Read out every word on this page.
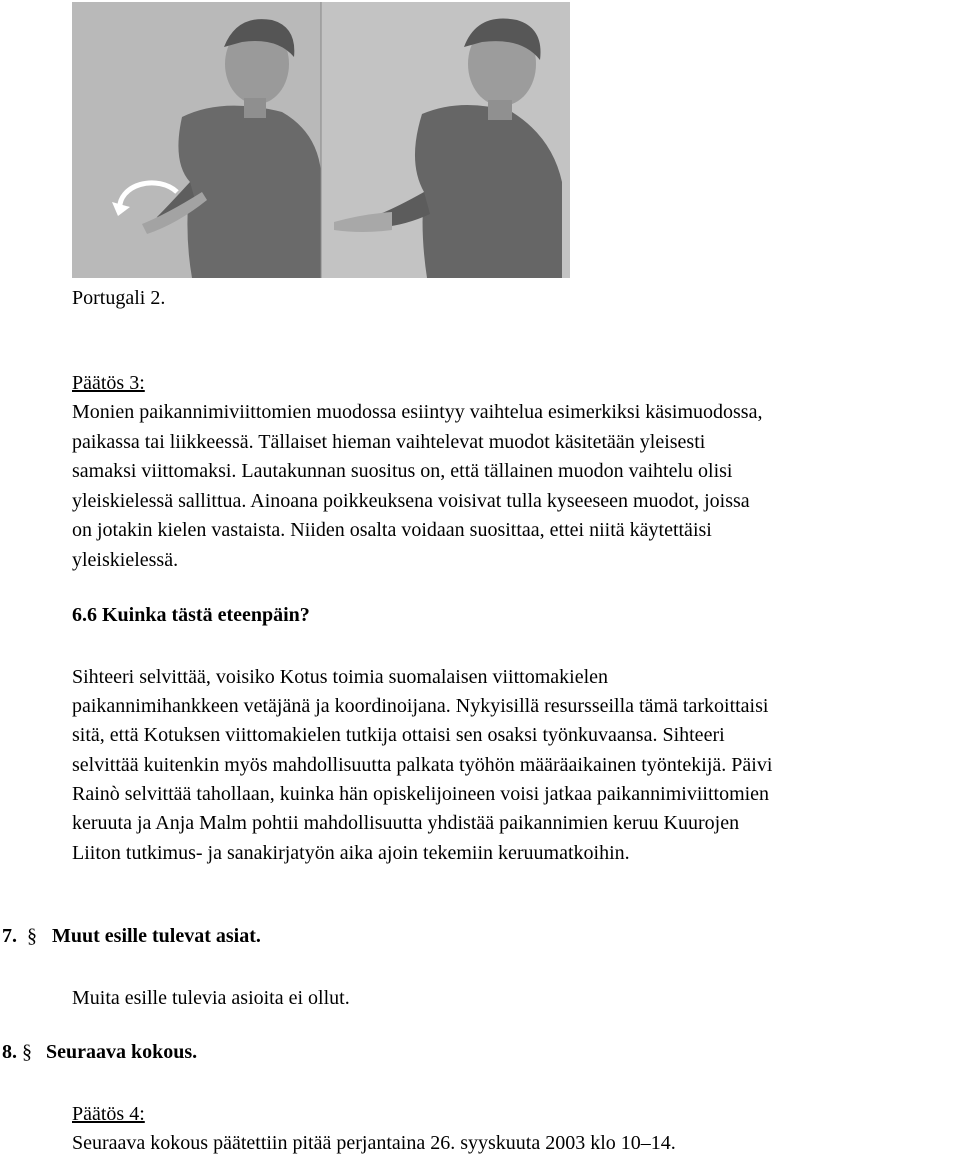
Portugali 2.
Päätös 3:
Monien paikannimiviittomien muodossa esiintyy vaihtelua esimerkiksi käsimuodossa,
paikassa tai liikkeessä. Tällaiset hieman vaihtelevat muodot käsitetään yleisesti
samaksi viittomaksi. Lautakunnan suositus on, että tällainen muodon vaihtelu olisi
yleiskielessä sallittua. Ainoana poikkeuksena voisivat tulla kyseeseen muodot, joissa
on jotakin kielen vastaista. Niiden osalta voidaan suosittaa, ettei niitä käytettäisi
yleiskielessä.
6.6 Kuinka tästä eteenpäin?
Sihteeri selvittää, voisiko Kotus toimia suomalaisen viittomakielen
paikannimihankkeen vetäjänä ja koordinoijana. Nykyisillä resursseilla tämä tarkoittaisi
sitä, että Kotuksen viittomakielen tutkija ottaisi sen osaksi työnkuvaansa. Sihteeri
selvittää kuitenkin myös mahdollisuutta palkata työhön määräaikainen työntekijä. Päivi
Rainò selvittää tahollaan, kuinka hän opiskelijoineen voisi jatkaa paikannimiviittomien
keruuta ja Anja Malm pohtii mahdollisuutta yhdistää paikannimien keruu Kuurojen
Liiton tutkimus- ja sanakirjatyön aika ajoin tekemiin keruumatkoihin.
7. § Muut esille tulevat asiat.
Muita esille tulevia asioita ei ollut.
8. § Seuraava kokous.
Päätös 4:
Seuraava kokous päätettiin pitää perjantaina 26. syyskuuta 2003 klo 10–14.
